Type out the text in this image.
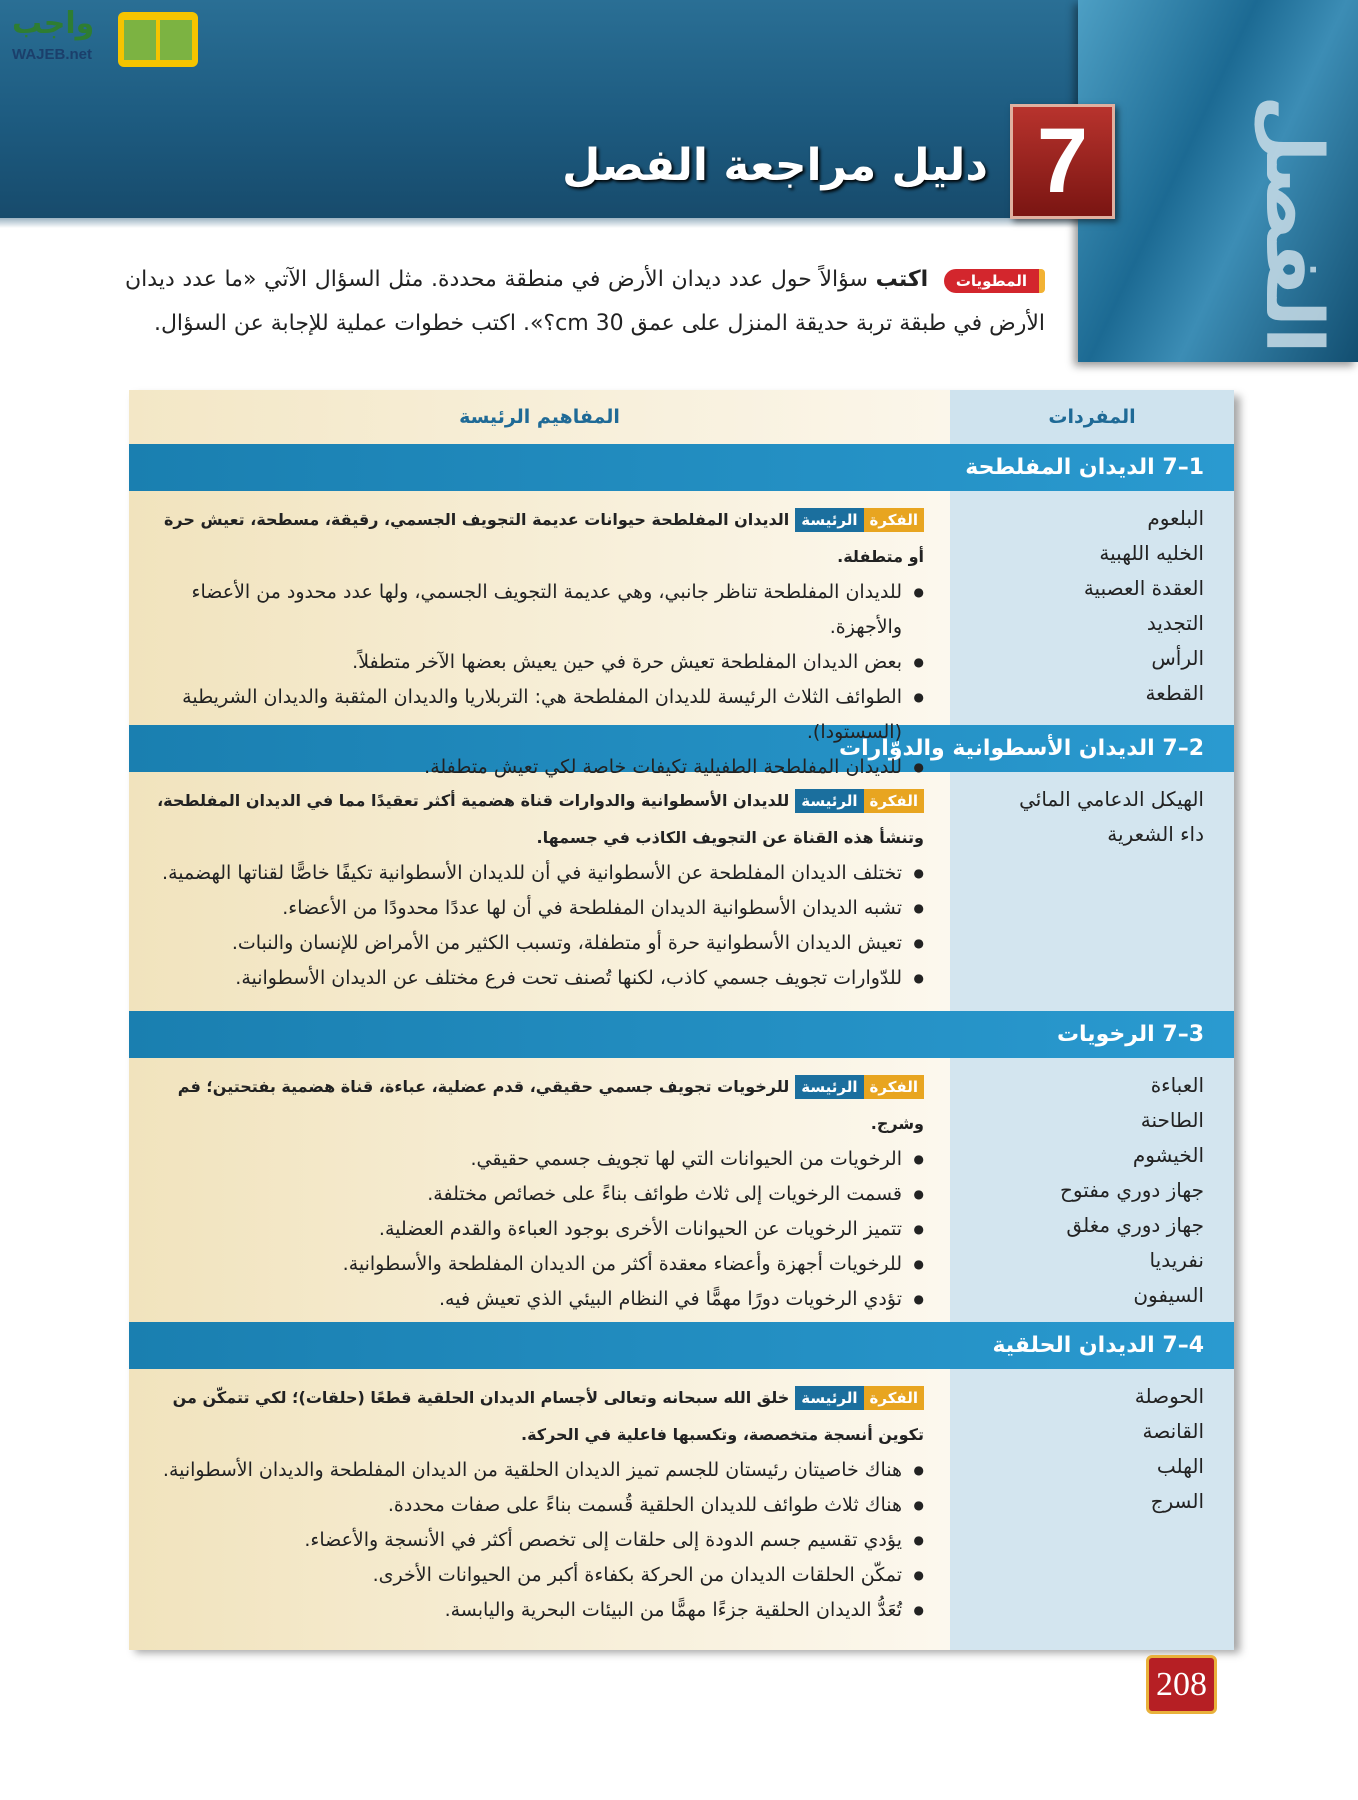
الفصل
واجب
WAJEB.net
7
دليل مراجعة الفصل
المطويات اكتب سؤالاً حول عدد ديدان الأرض في منطقة محددة. مثل السؤال الآتي «ما عدد ديدان الأرض في طبقة تربة حديقة المنزل على عمق 30 cm؟». اكتب خطوات عملية للإجابة عن السؤال.
المفردات
المفاهيم الرئيسة
1–7 الديدان المفلطحة
البلعوم
الخليه اللهبية
العقدة العصبية
التجديد
الرأس
القطعة
الفكرةالرئيسةالديدان المفلطحة حيوانات عديمة التجويف الجسمي، رقيقة، مسطحة، تعيش حرة أو متطفلة.
● للديدان المفلطحة تناظر جانبي، وهي عديمة التجويف الجسمي، ولها عدد محدود من الأعضاء والأجهزة.
● بعض الديدان المفلطحة تعيش حرة في حين يعيش بعضها الآخر متطفلاً.
● الطوائف الثلاث الرئيسة للديدان المفلطحة هي: التربلاريا والديدان المثقبة والديدان الشريطية (السستودا).
● للديدان المفلطحة الطفيلية تكيفات خاصة لكي تعيش متطفلة.
2–7 الديدان الأسطوانية والدوّارات
الهيكل الدعامي المائي
داء الشعرية
الفكرةالرئيسةللديدان الأسطوانية والدوارات قناة هضمية أكثر تعقيدًا مما في الديدان المفلطحة، وتنشأ هذه القناة عن التجويف الكاذب في جسمها.
● تختلف الديدان المفلطحة عن الأسطوانية في أن للديدان الأسطوانية تكيفًا خاصًّا لقناتها الهضمية.
● تشبه الديدان الأسطوانية الديدان المفلطحة في أن لها عددًا محدودًا من الأعضاء.
● تعيش الديدان الأسطوانية حرة أو متطفلة، وتسبب الكثير من الأمراض للإنسان والنبات.
● للدّوارات تجويف جسمي كاذب، لكنها تُصنف تحت فرع مختلف عن الديدان الأسطوانية.
3–7 الرخويات
العباءة
الطاحنة
الخيشوم
جهاز دوري مفتوح
جهاز دوري مغلق
نفريديا
السيفون
الفكرةالرئيسةللرخويات تجويف جسمي حقيقي، قدم عضلية، عباءة، قناة هضمية بفتحتين؛ فم وشرج.
● الرخويات من الحيوانات التي لها تجويف جسمي حقيقي.
● قسمت الرخويات إلى ثلاث طوائف بناءً على خصائص مختلفة.
● تتميز الرخويات عن الحيوانات الأخرى بوجود العباءة والقدم العضلية.
● للرخويات أجهزة وأعضاء معقدة أكثر من الديدان المفلطحة والأسطوانية.
● تؤدي الرخويات دورًا مهمًّا في النظام البيئي الذي تعيش فيه.
4–7 الديدان الحلقية
الحوصلة
القانصة
الهلب
السرج
الفكرةالرئيسةخلق الله سبحانه وتعالى لأجسام الديدان الحلقية قطعًا (حلقات)؛ لكي تتمكّن من تكوين أنسجة متخصصة، وتكسبها فاعلية في الحركة.
● هناك خاصيتان رئيستان للجسم تميز الديدان الحلقية من الديدان المفلطحة والديدان الأسطوانية.
● هناك ثلاث طوائف للديدان الحلقية قُسمت بناءً على صفات محددة.
● يؤدي تقسيم جسم الدودة إلى حلقات إلى تخصص أكثر في الأنسجة والأعضاء.
● تمكّن الحلقات الديدان من الحركة بكفاءة أكبر من الحيوانات الأخرى.
● تُعَدُّ الديدان الحلقية جزءًا مهمًّا من البيئات البحرية واليابسة.
208
